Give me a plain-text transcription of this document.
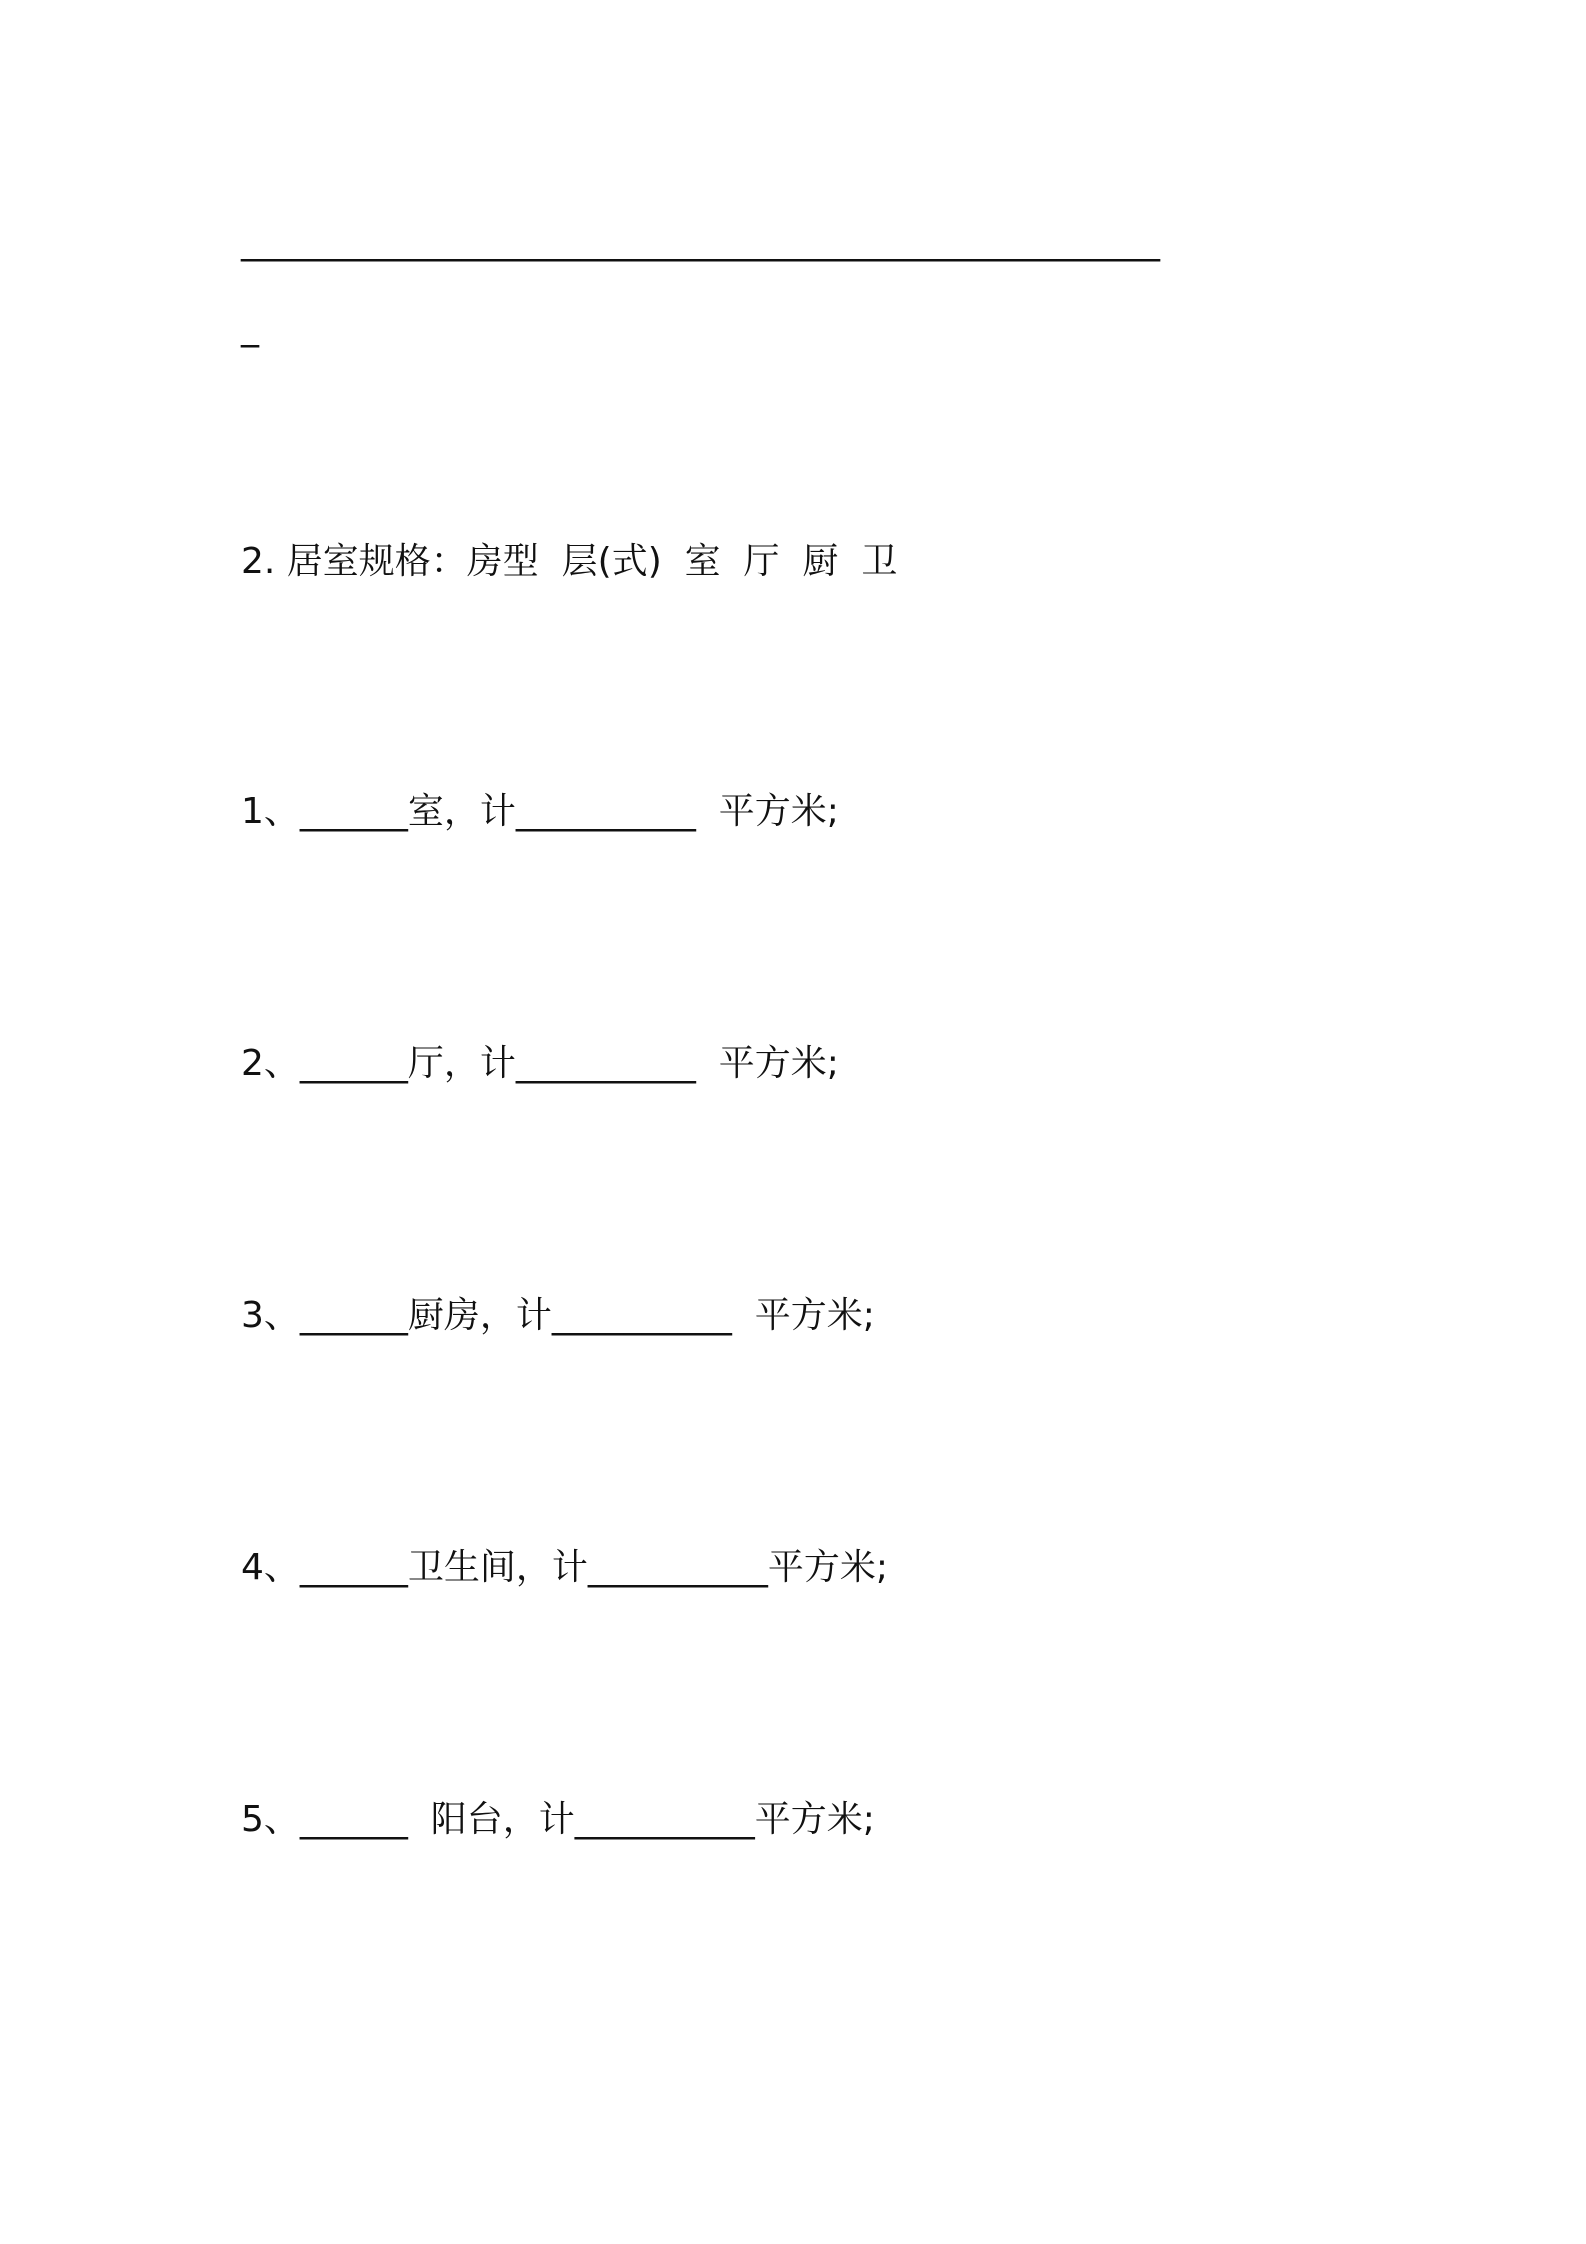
______________________________________________________

_

2. 居室规格：房型  层(式)  室  厅  厨  卫

1、______室，计__________  平方米;

2、______厅，计__________  平方米;

3、______厨房，计__________  平方米;

4、______卫生间，计__________平方米;

5、______  阳台，计__________平方米;
